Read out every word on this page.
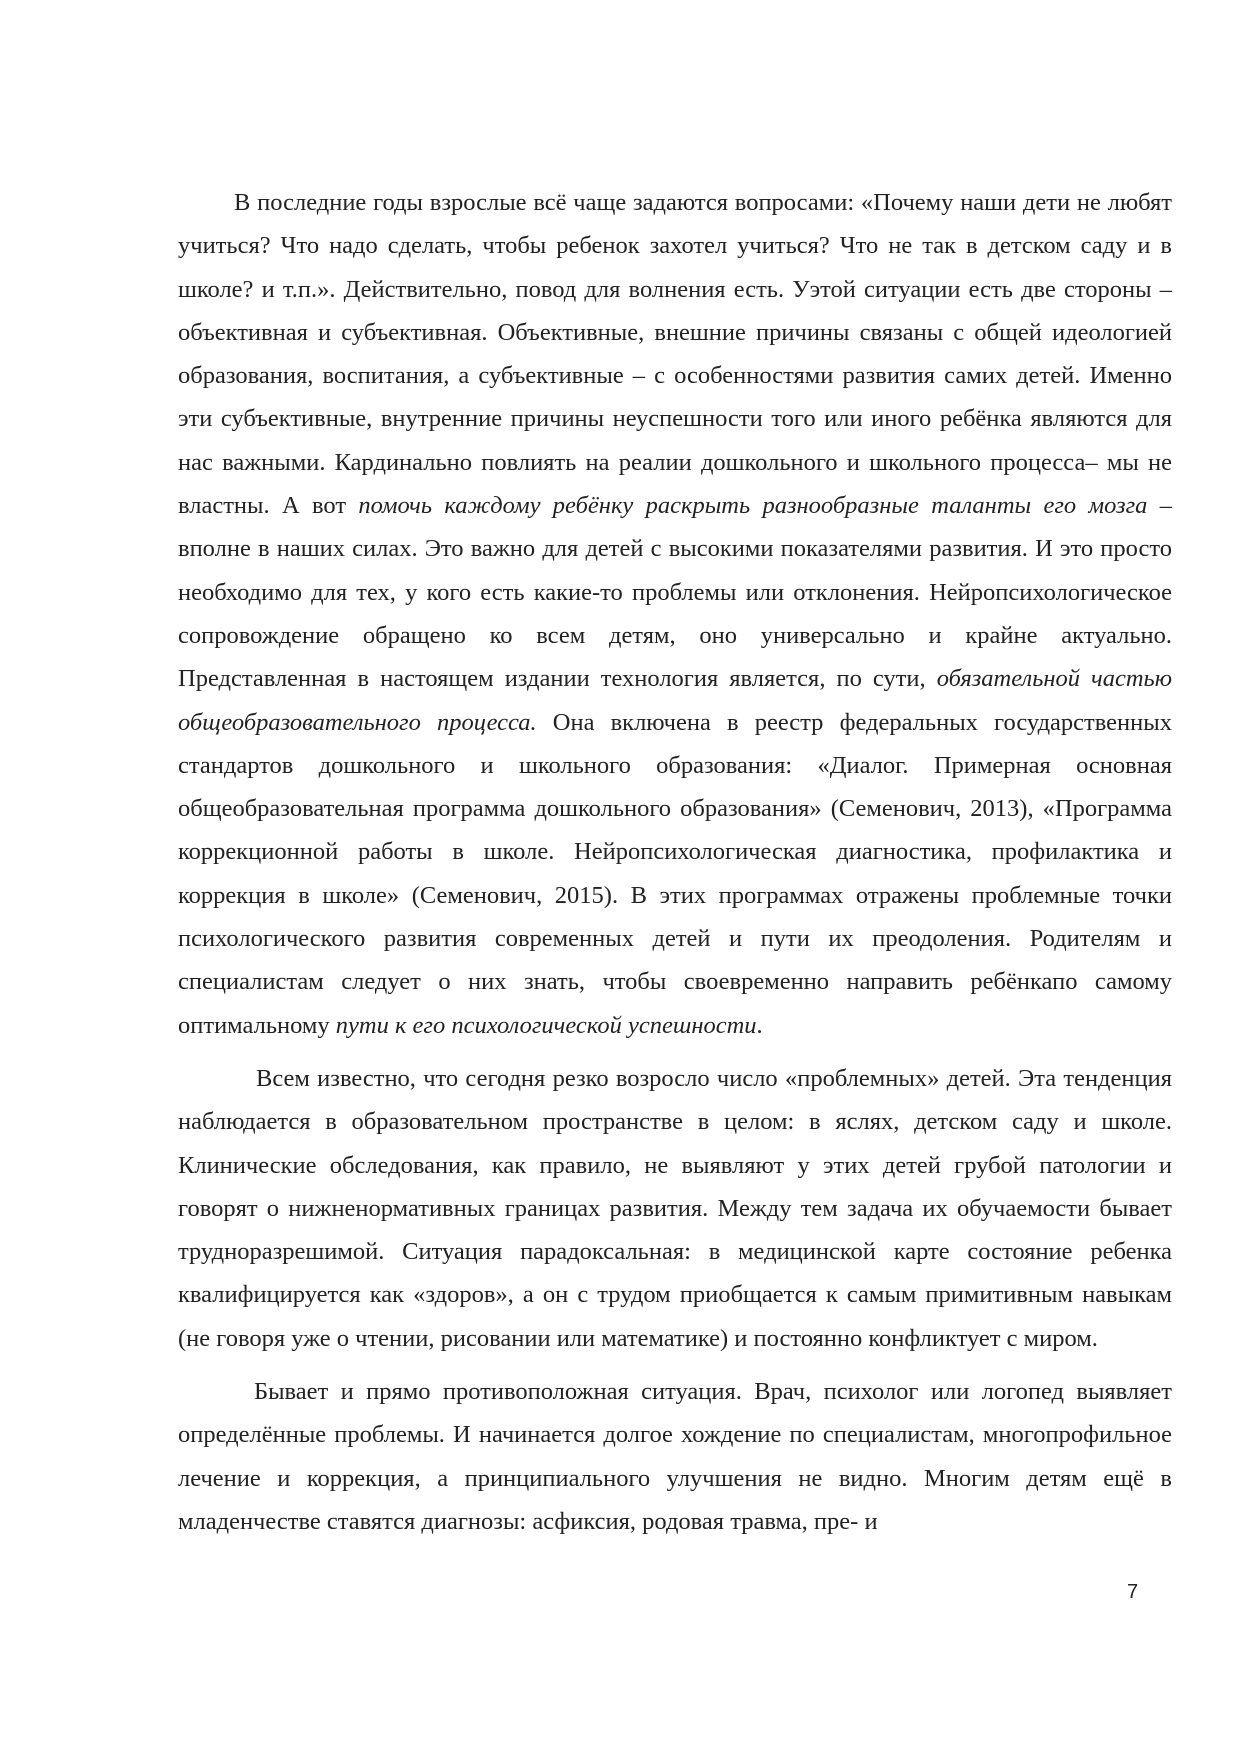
В последние годы взрослые всё чаще задаются вопросами: «Почему наши дети не любят учиться? Что надо сделать, чтобы ребенок захотел учиться? Что не так в детском саду и в школе? и т.п.». Действительно, повод для волнения есть. Уэтой ситуации есть две стороны – объективная и субъективная. Объективные, внешние причины связаны с общей идеологией образования, воспитания, а субъективные – с особенностями развития самих детей. Именно эти субъективные, внутренние причины неуспешности того или иного ребёнка являются для нас важными. Кардинально повлиять на реалии дошкольного и школьного процесса– мы не властны. А вот помочь каждому ребёнку раскрыть разнообразные таланты его мозга – вполне в наших силах. Это важно для детей с высокими показателями развития. И это просто необходимо для тех, у кого есть какие-то проблемы или отклонения. Нейропсихологическое сопровождение обращено ко всем детям, оно универсально и крайне актуально. Представленная в настоящем издании технология является, по сути, обязательной частью общеобразовательного процесса. Она включена в реестр федеральных государственных стандартов дошкольного и школьного образования: «Диалог. Примерная основная общеобразовательная программа дошкольного образования» (Семенович, 2013), «Программа коррекционной работы в школе. Нейропсихологическая диагностика, профилактика и коррекция в школе» (Семенович, 2015). В этих программах отражены проблемные точки психологического развития современных детей и пути их преодоления. Родителям и специалистам следует о них знать, чтобы своевременно направить ребёнкапо самому оптимальному пути к его психологической успешности.

Всем известно, что сегодня резко возросло число «проблемных» детей. Эта тенденция наблюдается в образовательном пространстве в целом: в яслях, детском саду и школе. Клинические обследования, как правило, не выявляют у этих детей грубой патологии и говорят о нижненормативных границах развития. Между тем задача их обучаемости бывает трудноразрешимой. Ситуация парадоксальная: в медицинской карте состояние ребенка квалифицируется как «здоров», а он с трудом приобщается к самым примитивным навыкам (не говоря уже о чтении, рисовании или математике) и постоянно конфликтует с миром.

Бывает и прямо противоположная ситуация. Врач, психолог или логопед выявляет определённые проблемы. И начинается долгое хождение по специалистам, многопрофильное лечение и коррекция, а принципиального улучшения не видно. Многим детям ещё в младенчестве ставятся диагнозы: асфиксия, родовая травма, пре- и

7
